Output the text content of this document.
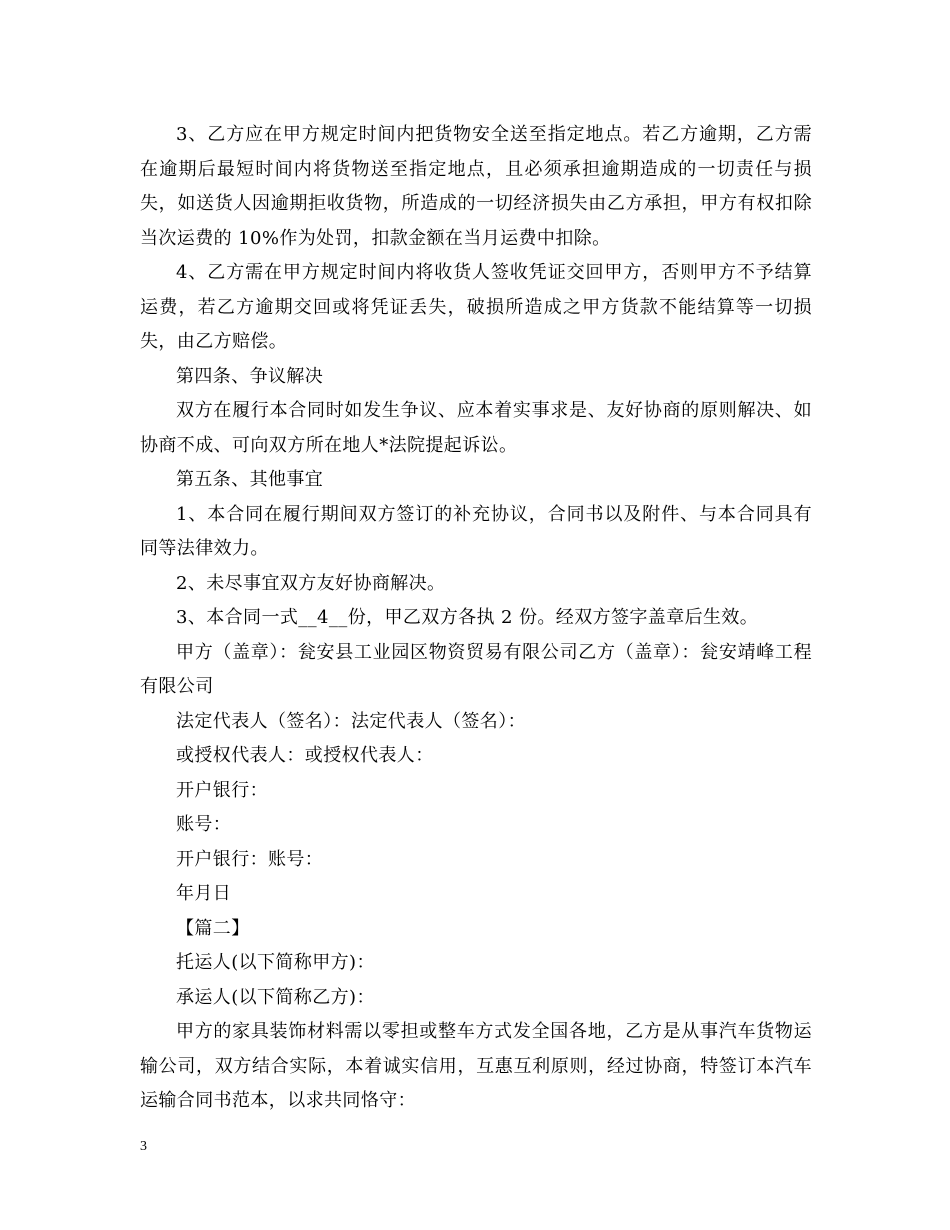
3、乙方应在甲方规定时间内把货物安全送至指定地点。若乙方逾期，乙方需在逾期后最短时间内将货物送至指定地点，且必须承担逾期造成的一切责任与损失，如送货人因逾期拒收货物，所造成的一切经济损失由乙方承担，甲方有权扣除当次运费的 10%作为处罚，扣款金额在当月运费中扣除。

4、乙方需在甲方规定时间内将收货人签收凭证交回甲方，否则甲方不予结算运费，若乙方逾期交回或将凭证丢失，破损所造成之甲方货款不能结算等一切损失，由乙方赔偿。

第四条、争议解决

双方在履行本合同时如发生争议、应本着实事求是、友好协商的原则解决、如协商不成、可向双方所在地人*法院提起诉讼。

第五条、其他事宜

1、本合同在履行期间双方签订的补充协议，合同书以及附件、与本合同具有同等法律效力。

2、未尽事宜双方友好协商解决。

3、本合同一式__4__份，甲乙双方各执 2 份。经双方签字盖章后生效。

甲方（盖章）：瓮安县工业园区物资贸易有限公司乙方（盖章）：瓮安靖峰工程有限公司

法定代表人（签名）：法定代表人（签名）：

或授权代表人：或授权代表人：

开户银行：

账号：

开户银行：账号：

年月日

【篇二】

托运人(以下简称甲方)：

承运人(以下简称乙方)：

甲方的家具装饰材料需以零担或整车方式发全国各地，乙方是从事汽车货物运输公司，双方结合实际，本着诚实信用，互惠互利原则，经过协商，特签订本汽车运输合同书范本，以求共同恪守：

3
